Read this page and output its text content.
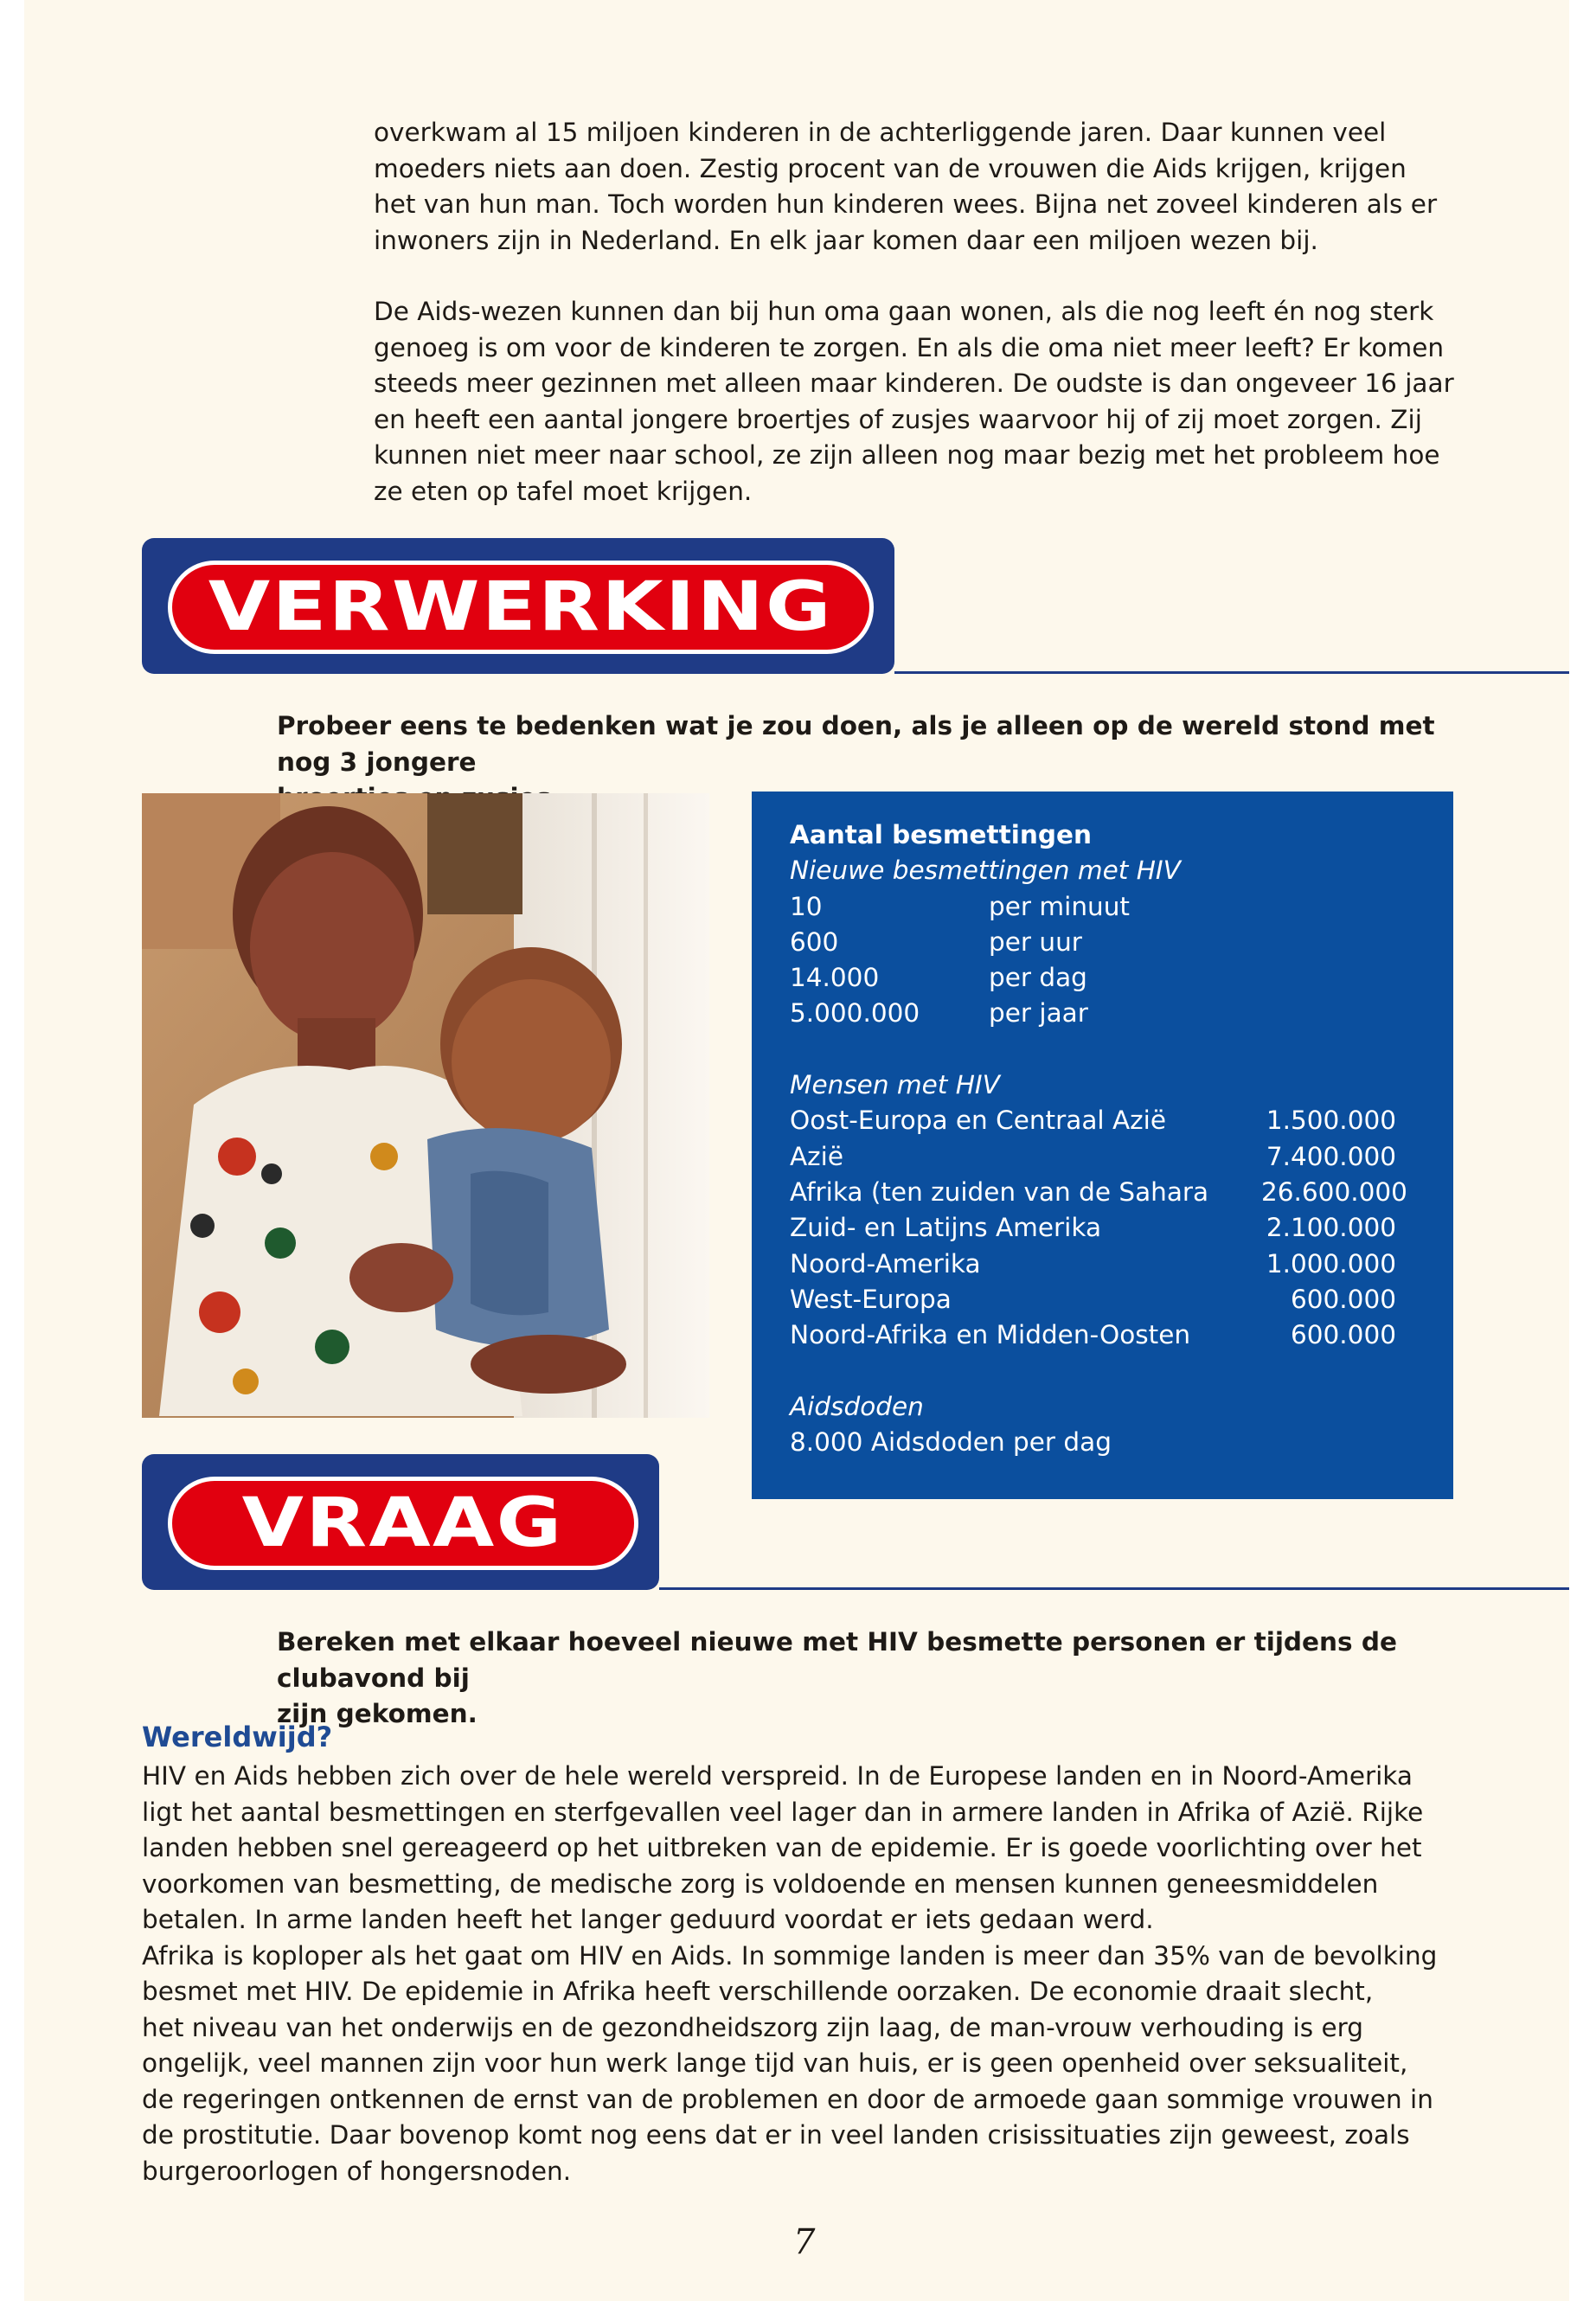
overkwam al 15 miljoen kinderen in de achterliggende jaren. Daar kunnen veel

moeders niets aan doen. Zestig procent van de vrouwen die Aids krijgen, krijgen

het van hun man. Toch worden hun kinderen wees. Bijna net zoveel kinderen als er

inwoners zijn in Nederland. En elk jaar komen daar een miljoen wezen bij.

De Aids-wezen kunnen dan bij hun oma gaan wonen, als die nog leeft én nog sterk

genoeg is om voor de kinderen te zorgen. En als die oma niet meer leeft? Er komen

steeds meer gezinnen met alleen maar kinderen. De oudste is dan ongeveer 16 jaar

en heeft een aantal jongere broertjes of zusjes waarvoor hij of zij moet zorgen. Zij

kunnen niet meer naar school, ze zijn alleen nog maar bezig met het probleem hoe

ze eten op tafel moet krijgen.

VERWERKING
Probeer eens te bedenken wat je zou doen, als je alleen op de wereld stond met nog 3 jongere
Aantal besmettingen
Nieuwe besmettingen met HIV
10	per minuut
600	per uur
14.000	per dag
5.000.000	per jaar
Mensen met HIV
Oost-Europa en Centraal Azië	1.500.000
Azië	7.400.000
Afrika (ten zuiden van de Sahara	26.600.000
Zuid- en Latijns Amerika	2.100.000
Noord-Amerika	1.000.000
West-Europa	600.000
Noord-Afrika en Midden-Oosten	600.000
Aidsdoden
8.000 Aidsdoden per dag
VRAAG
Bereken met elkaar hoeveel nieuwe met HIV besmette personen er tijdens de clubavond bij
zijn gekomen.
Wereldwijd?

HIV en Aids hebben zich over de hele wereld verspreid. In de Europese landen en in Noord-Amerika

ligt het aantal besmettingen en sterfgevallen veel lager dan in armere landen in Afrika of Azië. Rijke

landen hebben snel gereageerd op het uitbreken van de epidemie. Er is goede voorlichting over het

voorkomen van besmetting, de medische zorg is voldoende en mensen kunnen geneesmiddelen

betalen. In arme landen heeft het langer geduurd voordat er iets gedaan werd.

Afrika is koploper als het gaat om HIV en Aids. In sommige landen is meer dan 35% van de bevolking

besmet met HIV. De epidemie in Afrika heeft verschillende oorzaken. De economie draait slecht,

het niveau van het onderwijs en de gezondheidszorg zijn laag, de man-vrouw verhouding is erg

ongelijk, veel mannen zijn voor hun werk lange tijd van huis, er is geen openheid over seksualiteit,

de regeringen ontkennen de ernst van de problemen en door de armoede gaan sommige vrouwen in

de prostitutie. Daar bovenop komt nog eens dat er in veel landen crisissituaties zijn geweest, zoals

burgeroorlogen of hongersnoden.

7
